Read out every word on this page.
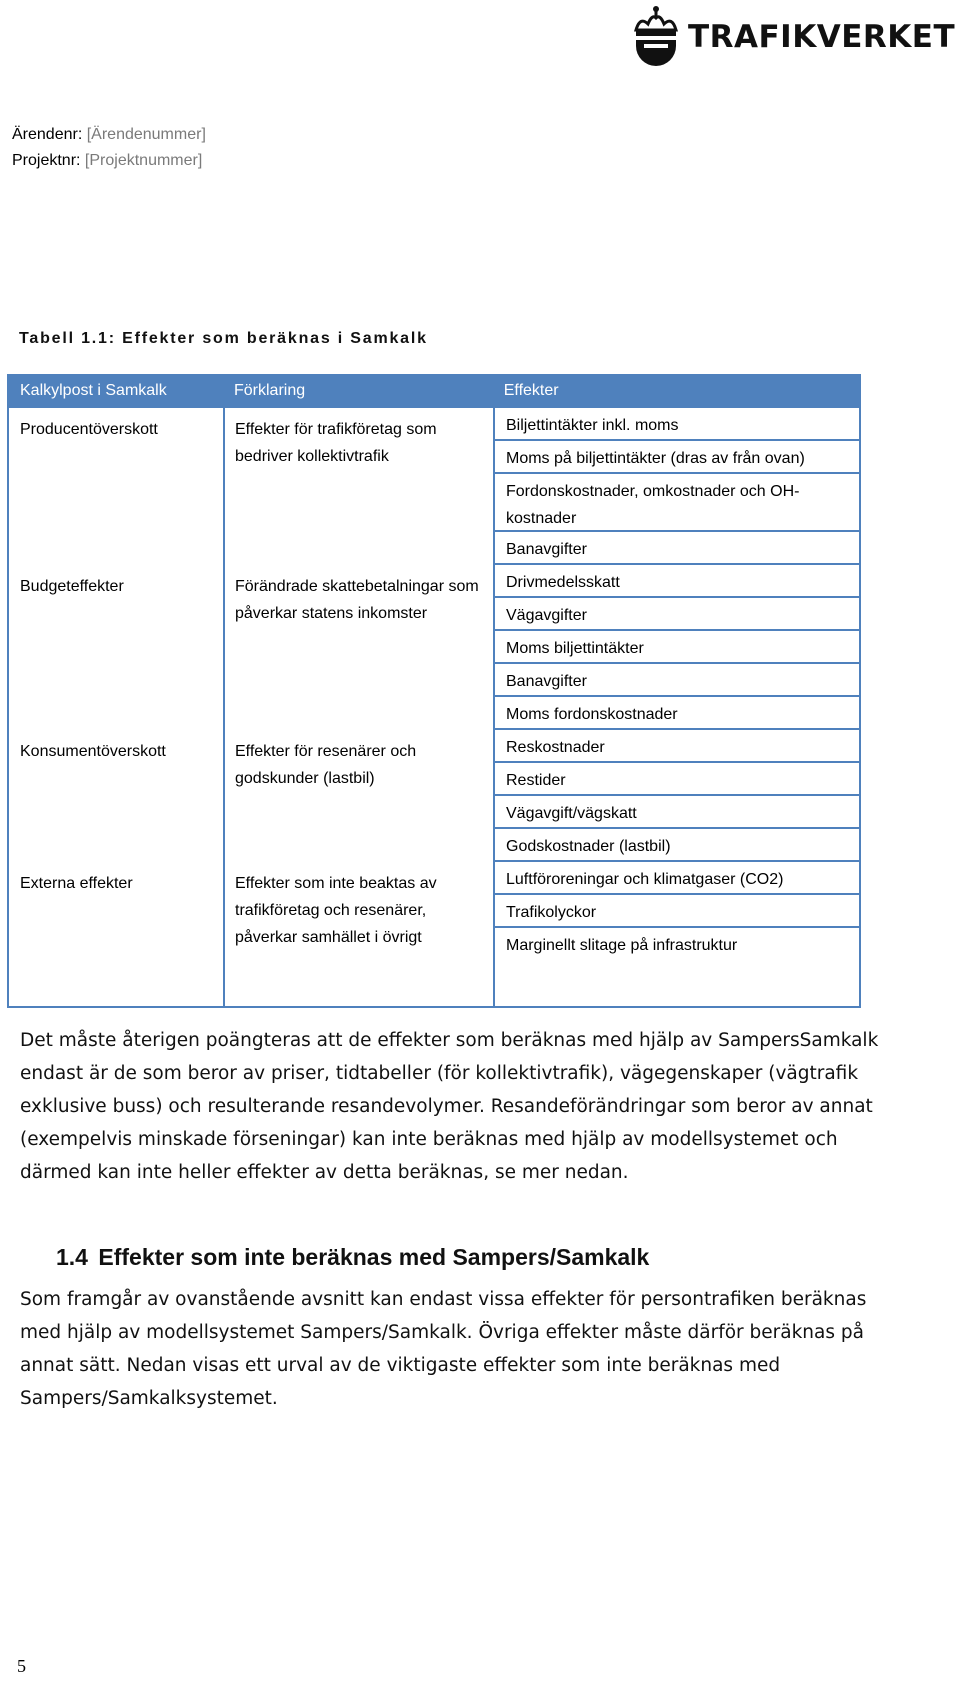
TRAFIKVERKET
Ärendenr: [Ärendenummer]
Projektnr: [Projektnummer]
Tabell 1.1: Effekter som beräknas i Samkalk
Kalkylpost i Samkalk	Förklaring	Effekter
Producentöverskott	Effekter för trafikföretag som bedriver kollektivtrafik
Biljettintäkter inkl. moms
Moms på biljettintäkter (dras av från ovan)
Fordonskostnader, omkostnader och OH-kostnader
Banavgifter
Budgeteffekter	Förändrade skattebetalningar som påverkar statens inkomster
Drivmedelsskatt
Vägavgifter
Moms biljettintäkter
Banavgifter
Moms fordonskostnader
Konsumentöverskott	Effekter för resenärer och godskunder (lastbil)
Reskostnader
Restider
Vägavgift/vägskatt
Godskostnader (lastbil)
Externa effekter	Effekter som inte beaktas av trafikföretag och resenärer, påverkar samhället i övrigt
Luftföroreningar och klimatgaser (CO2)
Trafikolyckor
Marginellt slitage på infrastruktur
Det måste återigen poängteras att de effekter som beräknas med hjälp av SampersSamkalk endast är de som beror av priser, tidtabeller (för kollektivtrafik), vägegenskaper (vägtrafik exklusive buss) och resulterande resandevolymer. Resandeförändringar som beror av annat (exempelvis minskade förseningar) kan inte beräknas med hjälp av modellsystemet och därmed kan inte heller effekter av detta beräknas, se mer nedan.
1.4 Effekter som inte beräknas med Sampers/Samkalk
Som framgår av ovanstående avsnitt kan endast vissa effekter för persontrafiken beräknas med hjälp av modellsystemet Sampers/Samkalk. Övriga effekter måste därför beräknas på annat sätt. Nedan visas ett urval av de viktigaste effekter som inte beräknas med Sampers/Samkalksystemet.
5
